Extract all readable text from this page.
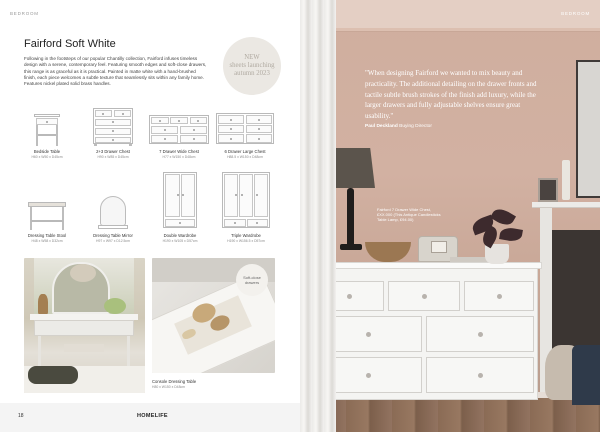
BEDROOM
Fairford Soft White
Following in the footsteps of our popular Chantilly collection, Fairford infuses timeless design with a serene, contemporary feel. Featuring smooth edges and soft-close drawers, this range is as graceful as it is practical. Painted in matte white with a hand-brushed finish, each piece welcomes a subtle texture that seamlessly sits within any family home. Features nickel plated solid brass handles.
NEW
sheets launching
autumn 2023
Bedside Table
H60 x W50 x D45cm
2+3 Drawer Chest
H90 x W85 x D45cm
7 Drawer Wide Chest
H77 x W150 x D48cm
6 Drawer Large Chest
H88.5 x W150 x D48cm
Dressing Table Stool
H48 x W58 x D32cm
Dressing Table Mirror
H97 x W97 x D12.5cm
Double Wardrobe
H190 x W105 x D57cm
Triple Wardrobe
H190 x W156.5 x D57cm
Soft-close drawers
Console Dressing Table
H80 x W150 x D48cm
18	HOMELIFE
BEDROOM
"When designing Fairford we wanted to mix beauty and practicality. The additional detailing on the drawer fronts and tactile subtle brush strokes of the finish add luxury, while the larger drawers and fully adjustable shelves ensure great usability."
Paul Deckland Buying Director
Fairford 7 Drawer Wide Chest, £XX.000 (This Antique Candlesticks Table Lamp, £94.00)
